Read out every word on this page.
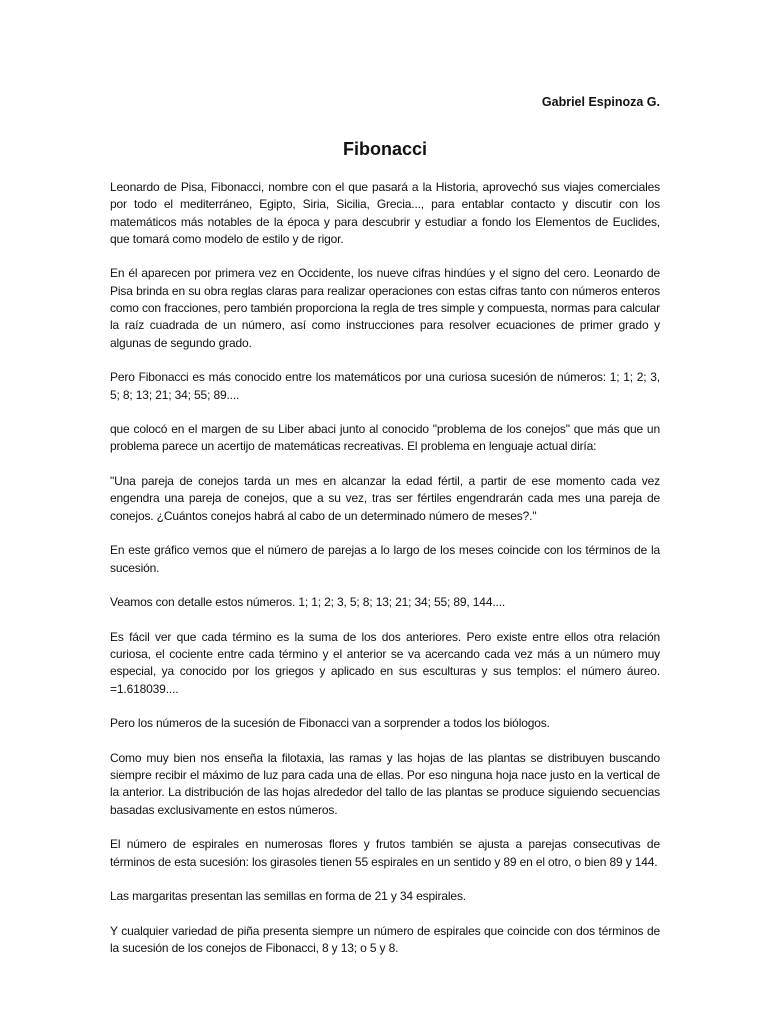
Gabriel Espinoza G.

Fibonacci

Leonardo de Pisa, Fibonacci, nombre con el que pasará a la Historia, aprovechó sus viajes comerciales por todo el mediterráneo, Egipto, Siria, Sicilia, Grecia..., para entablar contacto y discutir con los matemáticos más notables de la época y para descubrir y estudiar a fondo los Elementos de Euclides, que tomará como modelo de estilo y de rigor.

En él aparecen por primera vez en Occidente, los nueve cifras hindúes y el signo del cero. Leonardo de Pisa brinda en su obra reglas claras para realizar operaciones con estas cifras tanto con números enteros como con fracciones, pero también proporciona la regla de tres simple y compuesta, normas para calcular la raíz cuadrada de un número, así como instrucciones para resolver ecuaciones de primer grado y algunas de segundo grado.

Pero Fibonacci es más conocido entre los matemáticos por una curiosa sucesión de números: 1; 1; 2; 3, 5; 8; 13; 21; 34; 55; 89....

que colocó en el margen de su Liber abaci junto al conocido "problema de los conejos" que más que un problema parece un acertijo de matemáticas recreativas. El problema en lenguaje actual diría:

"Una pareja de conejos tarda un mes en alcanzar la edad fértil, a partir de ese momento cada vez engendra una pareja de conejos, que a su vez, tras ser fértiles engendrarán cada mes una pareja de conejos. ¿Cuántos conejos habrá al cabo de un determinado número de meses?."

En este gráfico vemos que el número de parejas a lo largo de los meses coincide con los términos de la sucesión.

Veamos con detalle estos números. 1; 1; 2; 3, 5; 8; 13; 21; 34; 55; 89, 144....

Es fácil ver que cada término es la suma de los dos anteriores. Pero existe entre ellos otra relación curiosa, el cociente entre cada término y el anterior se va acercando cada vez más a un número muy especial, ya conocido por los griegos y aplicado en sus esculturas y sus templos: el número áureo. =1.618039....

Pero los números de la sucesión de Fibonacci van a sorprender a todos los biólogos.

Como muy bien nos enseña la filotaxia, las ramas y las hojas de las plantas se distribuyen buscando siempre recibir el máximo de luz para cada una de ellas. Por eso ninguna hoja nace justo en la vertical de la anterior. La distribución de las hojas alrededor del tallo de las plantas se produce siguiendo secuencias basadas exclusivamente en estos números.

El número de espirales en numerosas flores y frutos también se ajusta a parejas consecutivas de términos de esta sucesión: los girasoles tienen 55 espirales en un sentido y 89 en el otro, o bien 89 y 144.

Las margaritas presentan las semillas en forma de 21 y 34 espirales.

Y cualquier variedad de piña presenta siempre un número de espirales que coincide con dos términos de la sucesión de los conejos de Fibonacci, 8 y 13; o 5 y 8.
